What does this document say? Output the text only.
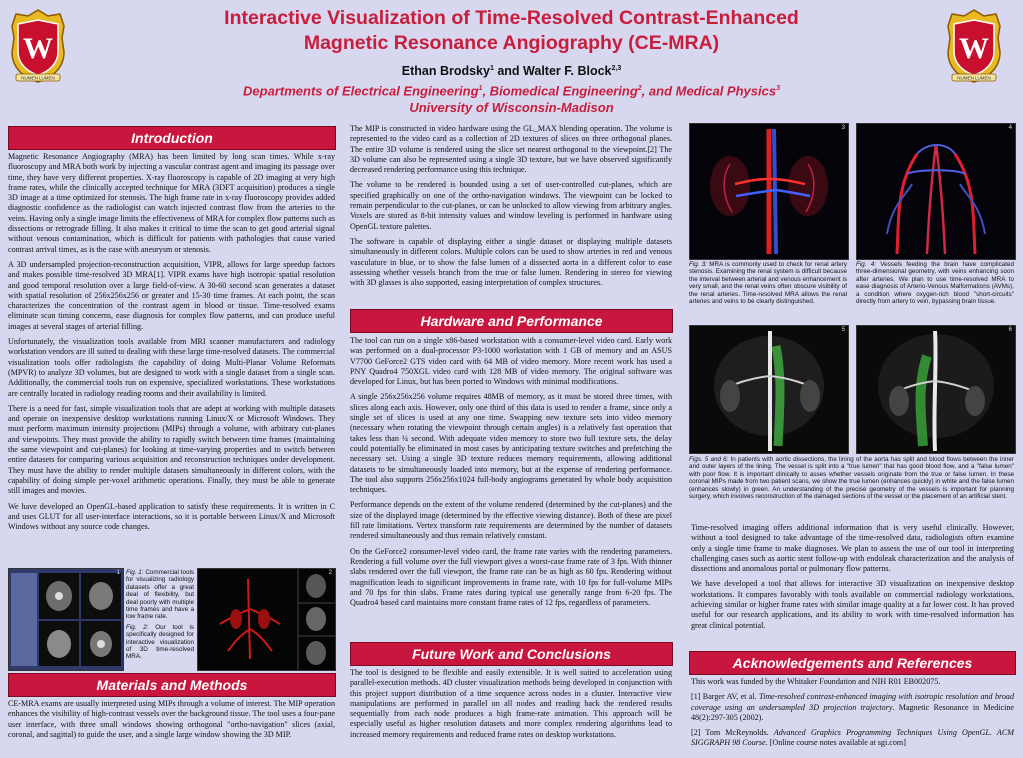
W
NUMEN LUMEN
W
NUMEN LUMEN
Interactive Visualization of Time-Resolved Contrast-Enhanced
Magnetic Resonance Angiography (CE-MRA)
Ethan Brodsky$^1$ and Walter F. Block$^{2,3}$
Departments of Electrical Engineering$^1$, Biomedical Engineering$^2$, and Medical Physics$^3$
University of Wisconsin-Madison
Introduction

Magnetic Resonance Angiography (MRA) has been limited by long scan times. While x-ray fluoroscopy and MRA both work by injecting a vascular contrast agent and imaging its passage over time, they have very different properties. X-ray fluoroscopy is capable of 2D imaging at very high frame rates, while the clinically accepted technique for MRA (3DFT acquisition) produces a single 3D image at a time optimized for stenosis. The high frame rate in x-ray fluoroscopy provides added diagnostic confidence as the radiologist can watch injected contrast flow from the arteries to the veins. Having only a single image limits the effectiveness of MRA for complex flow patterns such as dissections or retrograde filling. It also makes it critical to time the scan to get good arterial signal without venous contamination, which is difficult for patients with pathologies that cause varied contrast arrival times, as is the case with aneurysm or stenosis.

A 3D undersampled projection-reconstruction acquisition, VIPR, allows for large speedup factors and makes possible time-resolved 3D MRA[1]. VIPR exams have high isotropic spatial resolution and good temporal resolution over a large field-of-view. A 30-60 second scan generates a dataset with spatial resolution of 256x256x256 or greater and 15-30 time frames. At each point, the scan characterizes the concentration of the contrast agent in blood or tissue. Time-resolved exams eliminate scan timing concerns, ease diagnosis for complex flow patterns, and can produce useful images at several stages of arterial filling.

Unfortunately, the visualization tools available from MRI scanner manufacturers and radiology workstation vendors are ill suited to dealing with these large time-resolved datasets. The commercial visualization tools offer radiologists the capability of doing Multi-Planar Volume Reformats (MPVR) to analyze 3D volumes, but are designed to work with a single dataset from a single scan. Additionally, the commercial tools run on expensive, specialized workstations. These workstations are centrally located in radiology reading rooms and their availability is limited.

There is a need for fast, simple visualization tools that are adept at working with multiple datasets and operate on inexpensive desktop workstations running Linux/X or Microsoft Windows. They must perform maximum intensity projections (MIPs) through a volume, with arbitrary cut-planes and viewpoints. They must provide the ability to rapidly switch between time frames (maintaining the same viewpoint and cut-planes) for looking at time-varying properties and to switch between entire datasets for comparing various acquisition and reconstruction techniques under development. They must have the ability to render multiple datasets simultaneously in different colors, with the capability of doing simple per-voxel arithmetic operations. Finally, they must be able to generate still images and movies.

We have developed an OpenGL-based application to satisfy these requirements. It is written in C and uses GLUT for all user-interface interactions, so it is portable between Linux/X and Microsoft Windows without any source code changes.

1 Fig. 1: Commercial tools for visualizing radiology datasets offer a great deal of flexibility, but deal poorly with multiple time frames and have a low frame rate.
Fig. 2: Our tool is specifically designed for interactive visualization of 3D time-resolved MRA.
2
Materials and Methods

CE-MRA exams are usually interpreted using MIPs through a volume of interest. The MIP operation enhances the visibility of high-contrast vessels over the background tissue. The tool uses a four-pane user interface, with three small windows showing orthogonal "ortho-navigation" slices (axial, coronal, and sagittal) to guide the user, and a single large window showing the 3D MIP.

The MIP is constructed in video hardware using the GL_MAX blending operation. The volume is represented to the video card as a collection of 2D textures of slices on three orthogonal planes. The entire 3D volume is rendered using the slice set nearest orthogonal to the viewpoint.[2] The 3D volume can also be represented using a single 3D texture, but we have observed significantly decreased rendering performance using this technique.

The volume to be rendered is bounded using a set of user-controlled cut-planes, which are specified graphically on one of the ortho-navigation windows. The viewpoint can be locked to remain perpendicular to the cut-planes, or can be unlocked to allow viewing from arbitrary angles. Voxels are stored as 8-bit intensity values and window leveling is performed in hardware using OpenGL texture palettes.

The software is capable of displaying either a single dataset or displaying multiple datasets simultaneously in different colors. Multiple colors can be used to show arteries in red and venous vasculature in blue, or to show the false lumen of a dissected aorta in a different color to ease assessing whether vessels branch from the true or false lumen. Rendering in stereo for viewing with 3D glasses is also supported, easing interpretation of complex structures.

Hardware and Performance

The tool can run on a single x86-based workstation with a consumer-level video card. Early work was performed on a dual-processor P3-1000 workstation with 1 GB of memory and an ASUS V7700 GeForce2 GTS video card with 64 MB of video memory. More recent work has used a PNY Quadro4 750XGL video card with 128 MB of video memory. The original software was developed for Linux, but has been ported to Windows with minimal modifications.

A single 256x256x256 volume requires 48MB of memory, as it must be stored three times, with slices along each axis. However, only one third of this data is used to render a frame, since only a single set of slices is used at any one time. Swapping new texture sets into video memory (necessary when rotating the viewpoint through certain angles) is a relatively fast operation that takes less than ¼ second. With adequate video memory to store two full texture sets, the delay could potentially be eliminated in most cases by anticipating texture switches and prefetching the necessary set. Using a single 3D texture reduces memory requirements, allowing additional datasets to be simultaneously loaded into memory, but at the expense of rendering performance. The tool also supports 256x256x1024 full-body angiograms generated by whole body acquisition techniques.

Performance depends on the extent of the volume rendered (determined by the cut-planes) and the size of the displayed image (determined by the effective viewing distance). Both of these are pixel fill rate limitations. Vertex transform rate requirements are determined by the number of datasets rendered simultaneously and thus remain relatively constant.

On the GeForce2 consumer-level video card, the frame rate varies with the rendering parameters. Rendering a full volume over the full viewport gives a worst-case frame rate of 3 fps. With thinner slabs rendered over the full viewport, the frame rate can be as high as 60 fps. Rendering without magnification leads to significant improvements in frame rate, with 10 fps for full-volume MIPs and 70 fps for thin slabs. Frame rates during typical use generally range from 6-20 fps. The Quadro4 based card maintains more constant frame rates of 12 fps, regardless of parameters.

Future Work and Conclusions

The tool is designed to be flexible and easily extensible. It is well suited to acceleration using parallel-execution methods. 4D cluster visualization methods being developed in conjunction with this project support distribution of a time sequence across nodes in a cluster. Interactive view manipulations are performed in parallel on all nodes and reading back the rendered results sequentially from each node produces a high frame-rate animation. This approach will be especially useful as higher resolution datasets and more complex rendering algorithms lead to increased memory requirements and reduced frame rates on desktop workstations.

3	4
Fig. 3: MRA is commonly used to check for renal artery stenosis. Examining the renal system is difficult because the interval between arterial and venous enhancement is very small, and the renal veins often obscure visibility of the renal arteries. Time-resolved MRA allows the renal arteries and veins to be clearly distinguished.
Fig. 4: Vessels feeding the brain have complicated three-dimensional geometry, with veins enhancing soon after arteries. We plan to use time-resolved MRA to ease diagnosis of Arterio-Venous Malformations (AVMs), a condition where oxygen-rich blood "short-circuits" directly from artery to vein, bypassing brain tissue.
5	6
Figs. 5 and 6: In patients with aortic dissections, the lining of the aorta has split and blood flows between the inner and outer layers of the lining. The vessel is split into a "true lumen" that has good blood flow, and a "false lumen" with poor flow. It is important clinically to asses whether vessels originate from the true or false lumen. In these coronal MIPs made from two patient scans, we show the true lumen (enhances quickly) in white and the false lumen (enhances slowly) in green. An understanding of the precise geometry of the vessels is important for planning surgery, which involves reconstruction of the damaged sections of the vessel or the placement of an artificial stent.

Time-resolved imaging offers additional information that is very useful clinically. However, without a tool designed to take advantage of the time-resolved data, radiologists often examine only a single time frame to make diagnoses. We plan to assess the use of our tool in interpreting challenging cases such as aortic stent follow-up with endoleak characterization and the analysis of dissections and anomalous portal or pulmonary flow patterns.

We have developed a tool that allows for interactive 3D visualization on inexpensive desktop workstations. It compares favorably with tools available on commercial radiology workstations, achieving similar or higher frame rates with similar image quality at a far lower cost. It has proved useful for our research applications, and its ability to work with time-resolved information has great clinical potential.

Acknowledgements and References

This work was funded by the Whitaker Foundation and NIH R01 EB002075.

[1] Barger AV, et al. Time-resolved contrast-enhanced imaging with isotropic resolution and broad coverage using an undersampled 3D projection trajectory. Magnetic Resonance in Medicine 48(2):297-305 (2002).

[2] Tom McReynolds. Advanced Graphics Programming Techniques Using OpenGL. ACM SIGGRAPH 98 Course. [Online course notes available at sgi.com]
